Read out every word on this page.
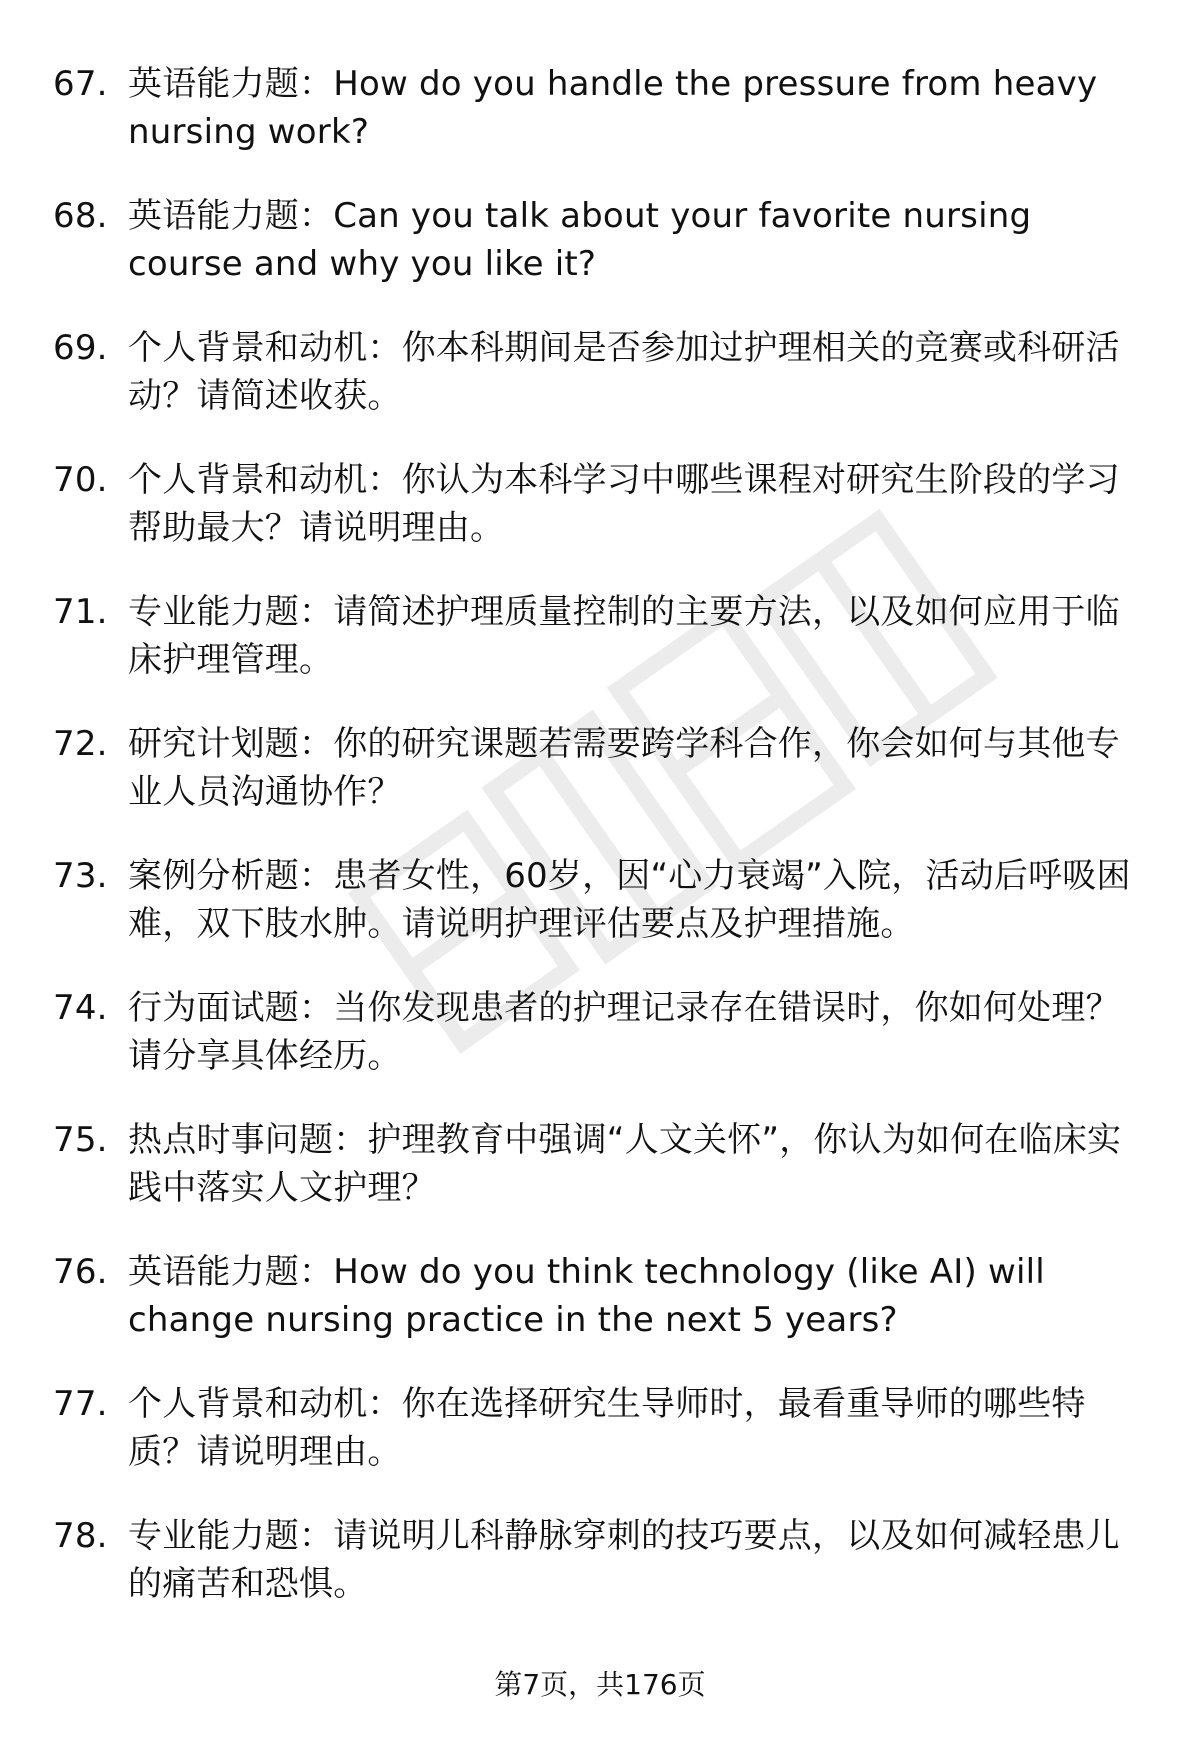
67. 英语能力题：How do you handle the pressure from heavy nursing work?
68. 英语能力题：Can you talk about your favorite nursing course and why you like it?
69. 个人背景和动机：你本科期间是否参加过护理相关的竞赛或科研活动？请简述收获。
70. 个人背景和动机：你认为本科学习中哪些课程对研究生阶段的学习帮助最大？请说明理由。
71. 专业能力题：请简述护理质量控制的主要方法，以及如何应用于临床护理管理。
72. 研究计划题：你的研究课题若需要跨学科合作，你会如何与其他专业人员沟通协作？
73. 案例分析题：患者女性，60岁，因“心力衰竭”入院，活动后呼吸困难，双下肢水肿。请说明护理评估要点及护理措施。
74. 行为面试题：当你发现患者的护理记录存在错误时，你如何处理？请分享具体经历。
75. 热点时事问题：护理教育中强调“人文关怀”，你认为如何在临床实践中落实人文护理？
76. 英语能力题：How do you think technology (like AI) will change nursing practice in the next 5 years?
77. 个人背景和动机：你在选择研究生导师时，最看重导师的哪些特质？请说明理由。
78. 专业能力题：请说明儿科静脉穿刺的技巧要点，以及如何减轻患儿的痛苦和恐惧。
第7页，共176页
